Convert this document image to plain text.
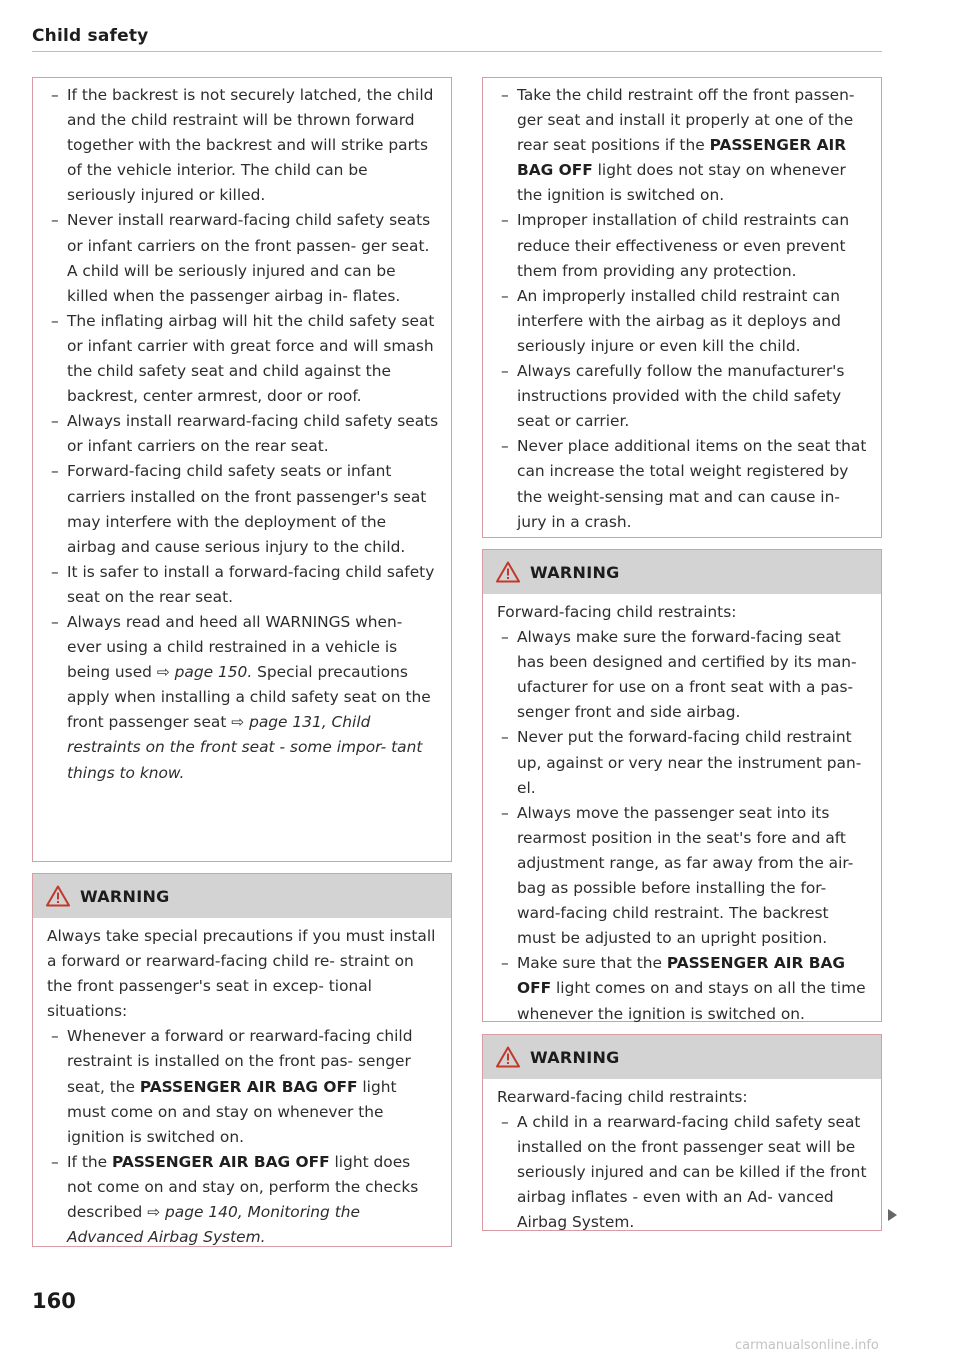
Child safety
– If the backrest is not securely latched, the child and the child restraint will be thrown forward together with the backrest and will strike parts of the vehicle interior. The child can be seriously injured or killed.
– Never install rearward-facing child safety seats or infant carriers on the front passen- ger seat. A child will be seriously injured and can be killed when the passenger airbag in- flates.
– The inflating airbag will hit the child safety seat or infant carrier with great force and will smash the child safety seat and child against the backrest, center armrest, door or roof.
– Always install rearward-facing child safety seats or infant carriers on the rear seat.
– Forward-facing child safety seats or infant carriers installed on the front passenger's seat may interfere with the deployment of the airbag and cause serious injury to the child.
– It is safer to install a forward-facing child safety seat on the rear seat.
– Always read and heed all WARNINGS when- ever using a child restrained in a vehicle is being used ⇨ page 150. Special precautions apply when installing a child safety seat on the front passenger seat ⇨ page 131, Child restraints on the front seat - some impor- tant things to know.
WARNING
Always take special precautions if you must install a forward or rearward-facing child re- straint on the front passenger's seat in excep- tional situations:
– Whenever a forward or rearward-facing child restraint is installed on the front pas- senger seat, the PASSENGER AIR BAG OFF light must come on and stay on whenever the ignition is switched on.
– If the PASSENGER AIR BAG OFF light does not come on and stay on, perform the checks described ⇨ page 140, Monitoring the Advanced Airbag System.
– Take the child restraint off the front passen- ger seat and install it properly at one of the rear seat positions if the PASSENGER AIR BAG OFF light does not stay on whenever the ignition is switched on.
– Improper installation of child restraints can reduce their effectiveness or even prevent them from providing any protection.
– An improperly installed child restraint can interfere with the airbag as it deploys and seriously injure or even kill the child.
– Always carefully follow the manufacturer's instructions provided with the child safety seat or carrier.
– Never place additional items on the seat that can increase the total weight registered by the weight-sensing mat and can cause in- jury in a crash.
WARNING
Forward-facing child restraints:
– Always make sure the forward-facing seat has been designed and certified by its man- ufacturer for use on a front seat with a pas- senger front and side airbag.
– Never put the forward-facing child restraint up, against or very near the instrument pan- el.
– Always move the passenger seat into its rearmost position in the seat's fore and aft adjustment range, as far away from the air- bag as possible before installing the for- ward-facing child restraint. The backrest must be adjusted to an upright position.
– Make sure that the PASSENGER AIR BAG OFF light comes on and stays on all the time whenever the ignition is switched on.
WARNING
Rearward-facing child restraints:
– A child in a rearward-facing child safety seat installed on the front passenger seat will be seriously injured and can be killed if the front airbag inflates - even with an Ad- vanced Airbag System.
160
carmanualsonline.info
